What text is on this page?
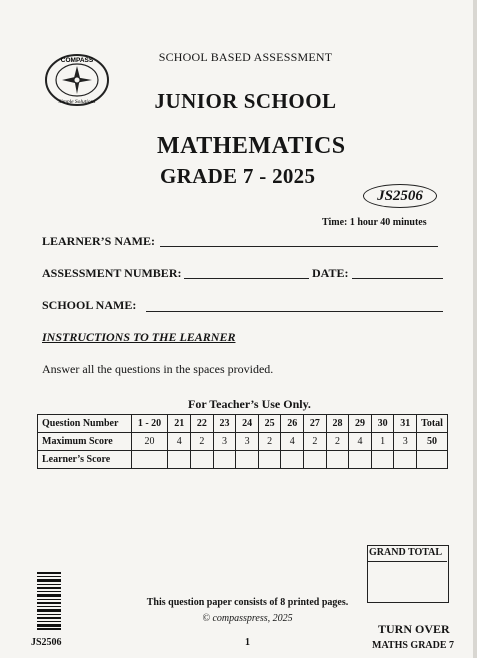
COMPASS
Simple Solutions
SCHOOL BASED ASSESSMENT
JUNIOR SCHOOL
MATHEMATICS
GRADE 7 - 2025
JS2506
Time: 1 hour 40 minutes
LEARNER’S NAME:
ASSESSMENT NUMBER:	DATE:
SCHOOL NAME:
INSTRUCTIONS TO THE LEARNER
Answer all the questions in the spaces provided.
For Teacher’s Use Only.
Question Number	1 - 20	21	22	23	24	25	26	27	28	29	30	31	Total
Maximum Score	20	4	2	3	3	2	4	2	2	4	1	3	50
Learner’s Score													
GRAND TOTAL
JS2506
This question paper consists of 8 printed pages.
© compasspress, 2025
1
TURN OVER
MATHS GRADE 7
